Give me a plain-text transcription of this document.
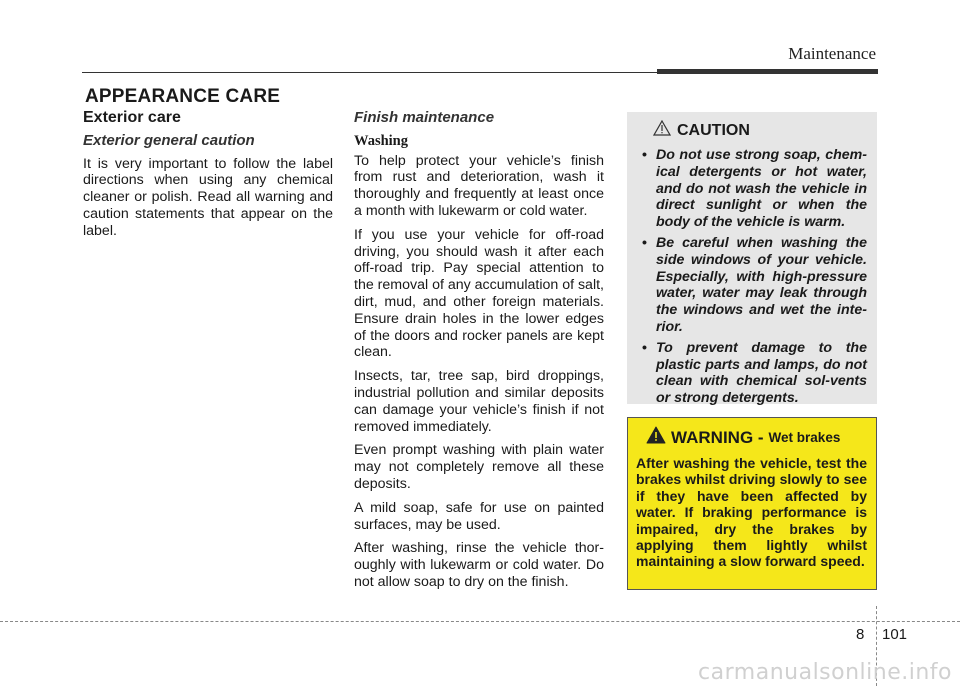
Maintenance
APPEARANCE CARE
Exterior care
Exterior general caution

It is very important to follow the label directions when using any chemical cleaner or polish. Read all warning and caution statements that appear on the label.

Finish maintenance
Washing

To help protect your vehicle’s finish from rust and deterioration, wash it thoroughly and frequently at least once a month with lukewarm or cold water.

If you use your vehicle for off-road driving, you should wash it after each off-road trip. Pay special attention to the removal of any accumulation of salt, dirt, mud, and other foreign materials. Ensure drain holes in the lower edges of the doors and rocker panels are kept clean.

Insects, tar, tree sap, bird droppings, industrial pollution and similar deposits can damage your vehicle’s finish if not removed immediately.

Even prompt washing with plain water may not completely remove all these deposits.

A mild soap, safe for use on painted surfaces, may be used.

After washing, rinse the vehicle thor-oughly with lukewarm or cold water. Do not allow soap to dry on the finish.

CAUTION
• Do not use strong soap, chem-ical detergents or hot water, and do not wash the vehicle in direct sunlight or when the body of the vehicle is warm.
• Be careful when washing the side windows of your vehicle. Especially, with high-pressure water, water may leak through the windows and wet the inte-rior.
• To prevent damage to the plastic parts and lamps, do not clean with chemical sol-vents or strong detergents.
WARNING - Wet brakes
After washing the vehicle, test the brakes whilst driving slowly to see if they have been affected by water. If braking performance is impaired, dry the brakes by applying them lightly whilst maintaining a slow forward speed.
8 101
carmanualsonline.info
